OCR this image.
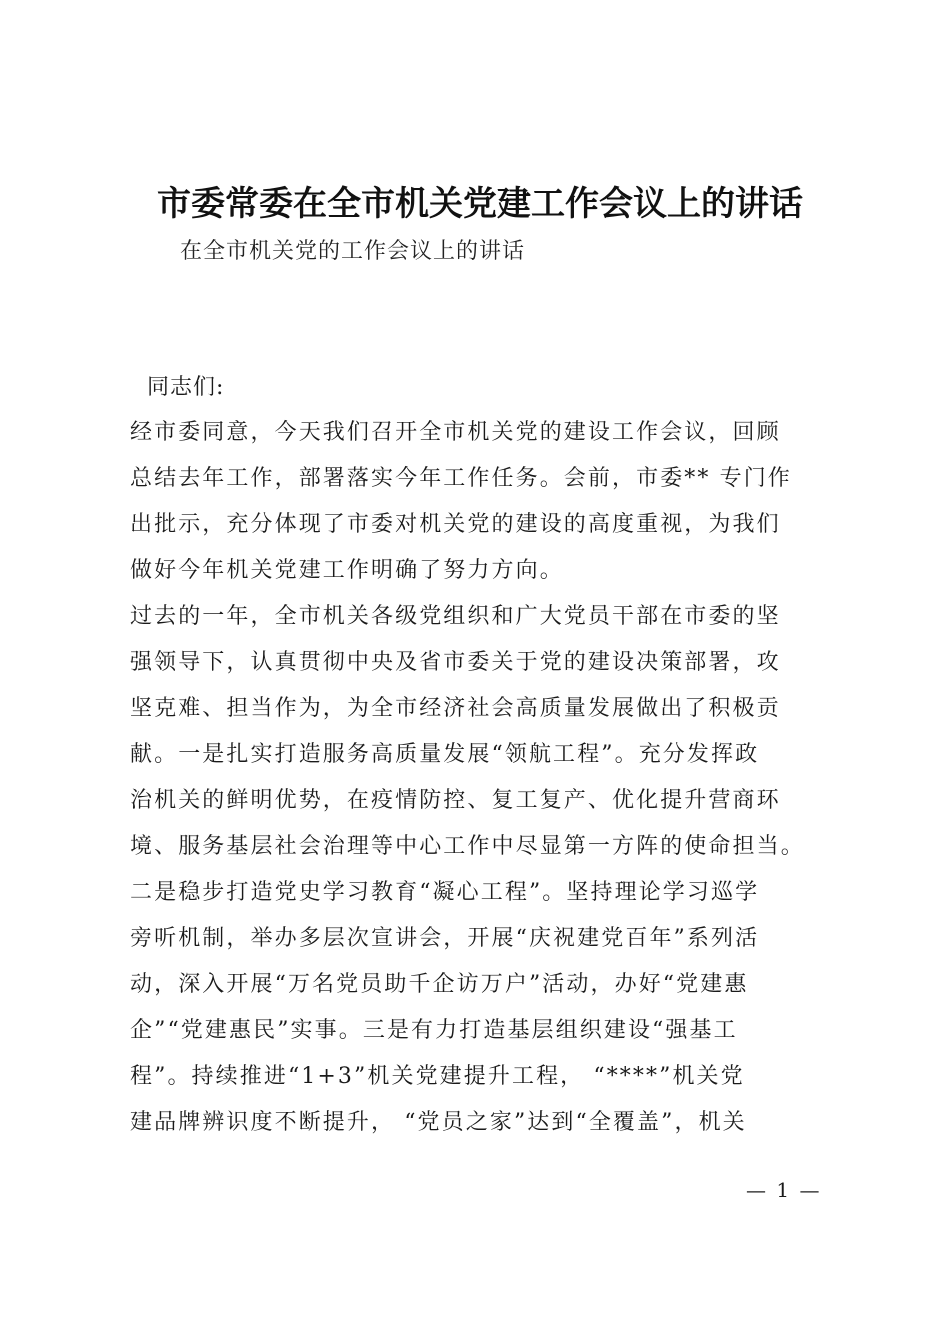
市委常委在全市机关党建工作会议上的讲话
在全市机关党的工作会议上的讲话
同志们:
经市委同意，今天我们召开全市机关党的建设工作会议，回顾
总结去年工作，部署落实今年工作任务。会前，市委** 专门作
出批示，充分体现了市委对机关党的建设的高度重视，为我们
做好今年机关党建工作明确了努力方向。
过去的一年，全市机关各级党组织和广大党员干部在市委的坚
强领导下，认真贯彻中央及省市委关于党的建设决策部署，攻
坚克难、担当作为，为全市经济社会高质量发展做出了积极贡
献。一是扎实打造服务高质量发展“领航工程”。充分发挥政
治机关的鲜明优势，在疫情防控、复工复产、优化提升营商环
境、服务基层社会治理等中心工作中尽显第一方阵的使命担当。
二是稳步打造党史学习教育“凝心工程”。坚持理论学习巡学
旁听机制，举办多层次宣讲会，开展“庆祝建党百年”系列活
动，深入开展“万名党员助千企访万户”活动，办好“党建惠
企”“党建惠民”实事。三是有力打造基层组织建设“强基工
程”。持续推进“1+3”机关党建提升工程， “****”机关党
建品牌辨识度不断提升， “党员之家”达到“全覆盖”，机关
— 1 —
